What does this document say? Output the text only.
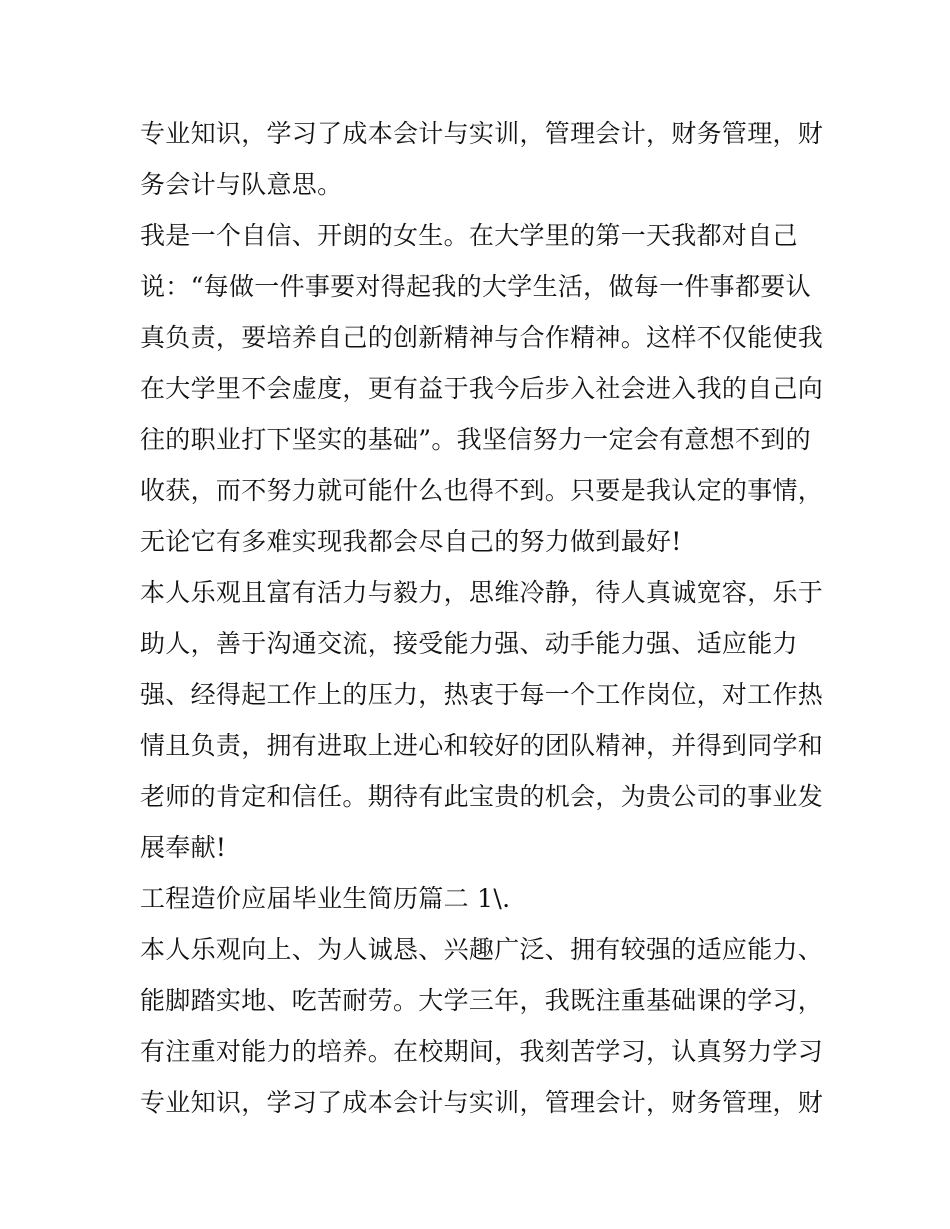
专业知识，学习了成本会计与实训，管理会计，财务管理，财
务会计与队意思。
我是一个自信、开朗的女生。在大学里的第一天我都对自己
说：“每做一件事要对得起我的大学生活，做每一件事都要认
真负责，要培养自己的创新精神与合作精神。这样不仅能使我
在大学里不会虚度，更有益于我今后步入社会进入我的自己向
往的职业打下坚实的基础”。我坚信努力一定会有意想不到的
收获，而不努力就可能什么也得不到。只要是我认定的事情，
无论它有多难实现我都会尽自己的努力做到最好!
本人乐观且富有活力与毅力，思维冷静，待人真诚宽容，乐于
助人，善于沟通交流，接受能力强、动手能力强、适应能力
强、经得起工作上的压力，热衷于每一个工作岗位，对工作热
情且负责，拥有进取上进心和较好的团队精神，并得到同学和
老师的肯定和信任。期待有此宝贵的机会，为贵公司的事业发
展奉献!
工程造价应届毕业生简历篇二 1\.
本人乐观向上、为人诚恳、兴趣广泛、拥有较强的适应能力、
能脚踏实地、吃苦耐劳。大学三年，我既注重基础课的学习，
有注重对能力的培养。在校期间，我刻苦学习，认真努力学习
专业知识，学习了成本会计与实训，管理会计，财务管理，财
